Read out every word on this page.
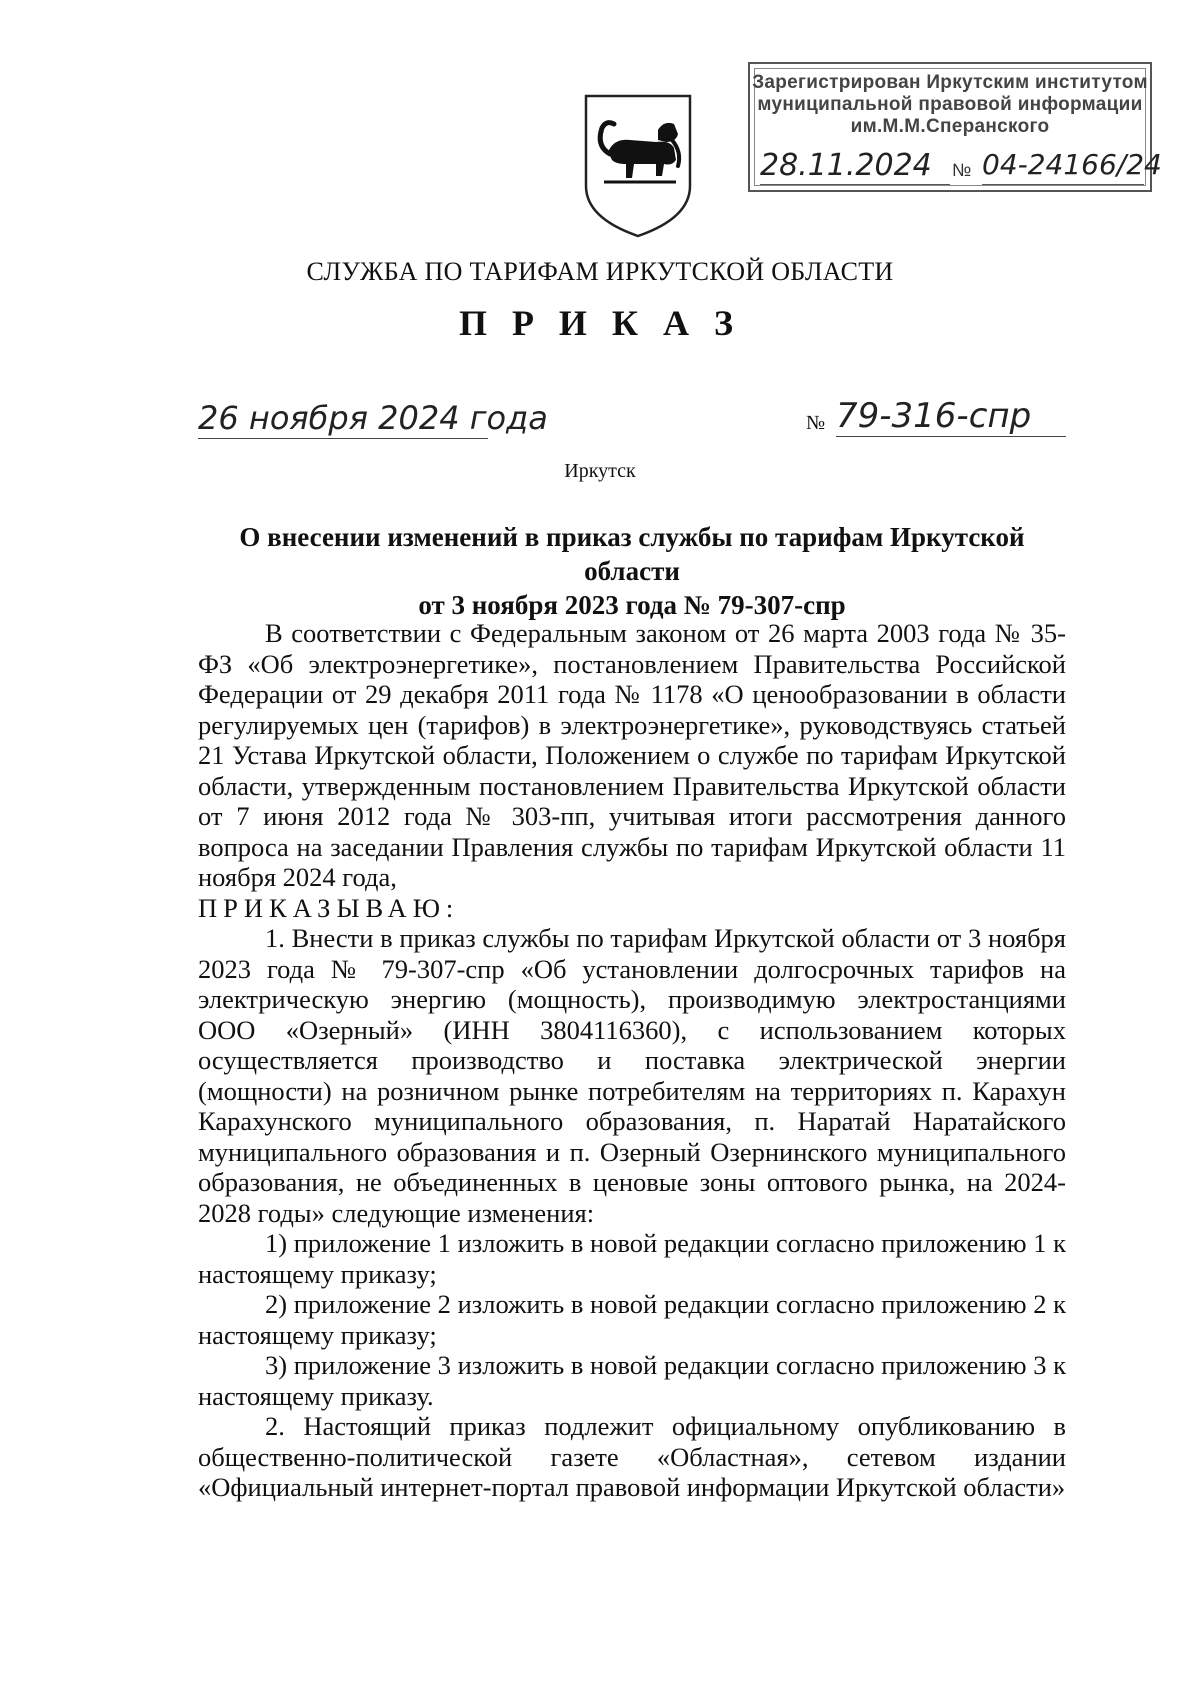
Зарегистрирован Иркутским институтом
муниципальной правовой информации
им.М.М.Сперанского
28.11.2024	№ 04-24166/24
СЛУЖБА ПО ТАРИФАМ ИРКУТСКОЙ ОБЛАСТИ
П Р И К А З
26 ноября 2024 года	№ 79-316-спр
Иркутск
О внесении изменений в приказ службы по тарифам Иркутской области
от 3 ноября 2023 года № 79-307-спр

В соответствии с Федеральным законом от 26 марта 2003 года № 35-ФЗ «Об электроэнергетике», постановлением Правительства Российской Федерации от 29 декабря 2011 года № 1178 «О ценообразовании в области регулируемых цен (тарифов) в электроэнергетике», руководствуясь статьей 21 Устава Иркутской области, Положением о службе по тарифам Иркутской области, утвержденным постановлением Правительства Иркутской области от 7 июня 2012 года № 303-пп, учитывая итоги рассмотрения данного вопроса на заседании Правления службы по тарифам Иркутской области 11 ноября 2024 года,

ПРИКАЗЫВАЮ:

1. Внести в приказ службы по тарифам Иркутской области от 3 ноября 2023 года № 79-307-спр «Об установлении долгосрочных тарифов на электрическую энергию (мощность), производимую электростанциями ООО «Озерный» (ИНН 3804116360), с использованием которых осуществляется производство и поставка электрической энергии (мощности) на розничном рынке потребителям на территориях п. Карахун Карахунского муниципального образования, п. Наратай Наратайского муниципального образования и п. Озерный Озернинского муниципального образования, не объединенных в ценовые зоны оптового рынка, на 2024-2028 годы» следующие изменения:

1) приложение 1 изложить в новой редакции согласно приложению 1 к настоящему приказу;

2) приложение 2 изложить в новой редакции согласно приложению 2 к настоящему приказу;

3) приложение 3 изложить в новой редакции согласно приложению 3 к настоящему приказу.

2. Настоящий приказ подлежит официальному опубликованию в общественно-политической газете «Областная», сетевом издании «Официальный интернет-портал правовой информации Иркутской области»
